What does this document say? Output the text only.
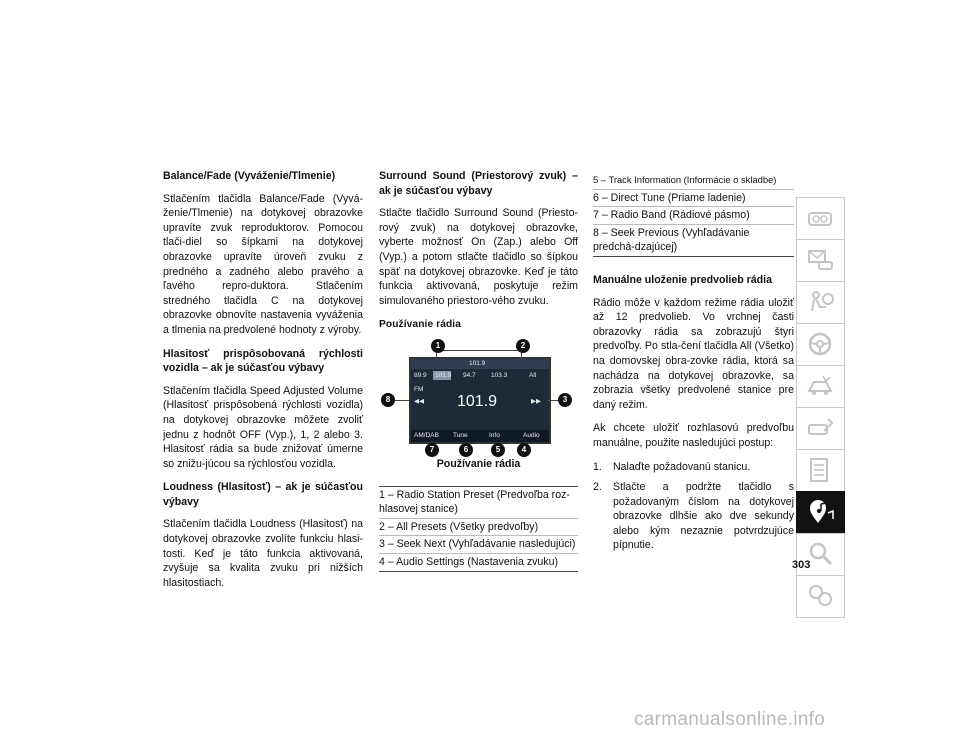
Balance/Fade (Vyváženie/Tlmenie)
Stlačením tlačidla Balance/Fade (Vyvá-ženie/Tlmenie) na dotykovej obrazovke upravíte zvuk reproduktorov. Pomocou tlači-diel so šípkami na dotykovej obrazovke upravíte úroveň zvuku z predného a zadného alebo pravého a ľavého repro-duktora. Stlačením stredného tlačidla C na dotykovej obrazovke obnovíte nastavenia vyváženia a tlmenia na predvolené hodnoty z výroby.
Hlasitosť prispôsobovaná rýchlosti vozidla – ak je súčasťou výbavy
Stlačením tlačidla Speed Adjusted Volume (Hlasitosť prispôsobená rýchlosti vozidla) na dotykovej obrazovke môžete zvoliť jednu z hodnôt OFF (Vyp.), 1, 2 alebo 3. Hlasitosť rádia sa bude znižovať úmerne so znižu-júcou sa rýchlosťou vozidla.
Loudness (Hlasitosť) – ak je súčasťou výbavy
Stlačením tlačidla Loudness (Hlasitosť) na dotykovej obrazovke zvolíte funkciu hlasi-tosti. Keď je táto funkcia aktivovaná, zvyšuje sa kvalita zvuku pri nižších hlasitostiach.
Surround Sound (Priestorový zvuk) – ak je súčasťou výbavy
Stlačte tlačidlo Surround Sound (Priesto-rový zvuk) na dotykovej obrazovke, vyberte možnosť On (Zap.) alebo Off (Vyp.) a potom stlačte tlačidlo so šípkou späť na dotykovej obrazovke. Keď je táto funkcia aktivovaná, poskytuje režim simulovaného priestoro-vého zvuku.
Používanie rádia
101.9
89.9 101.9 94.7 103.3	All
FM
◀◀ 101.9	▶▶
AM/DAB Tune	Info	Audio
1	2
3
4
5
6
7
8
Používanie rádia
1 – Radio Station Preset (Predvoľba roz-hlasovej stanice)
2 – All Presets (Všetky predvoľby)
3 – Seek Next (Vyhľadávanie nasledujúci)
4 – Audio Settings (Nastavenia zvuku)
5 – Track Information (Informácie o skladbe)
6 – Direct Tune (Priame ladenie)
7 – Radio Band (Rádiové pásmo)
8 – Seek Previous (Vyhľadávanie predchá-dzajúcej)
Manuálne uloženie predvolieb rádia
Rádio môže v každom režime rádia uložiť až 12 predvolieb. Vo vrchnej časti obrazovky rádia sa zobrazujú štyri predvoľby. Po stla-čení tlačidla All (Všetko) na domovskej obra-zovke rádia, ktorá sa nachádza na dotykovej obrazovke, sa zobrazia všetky predvolené stanice pre daný režim.
Ak chcete uložiť rozhlasovú predvoľbu manuálne, použite nasledujúci postup:
1. Nalaďte požadovanú stanicu.
2. Stlačte a podržte tlačidlo s požadovaným číslom na dotykovej obrazovke dlhšie ako dve sekundy alebo kým nezaznie potvrdzujúce pípnutie.
303
carmanualsonline.info
